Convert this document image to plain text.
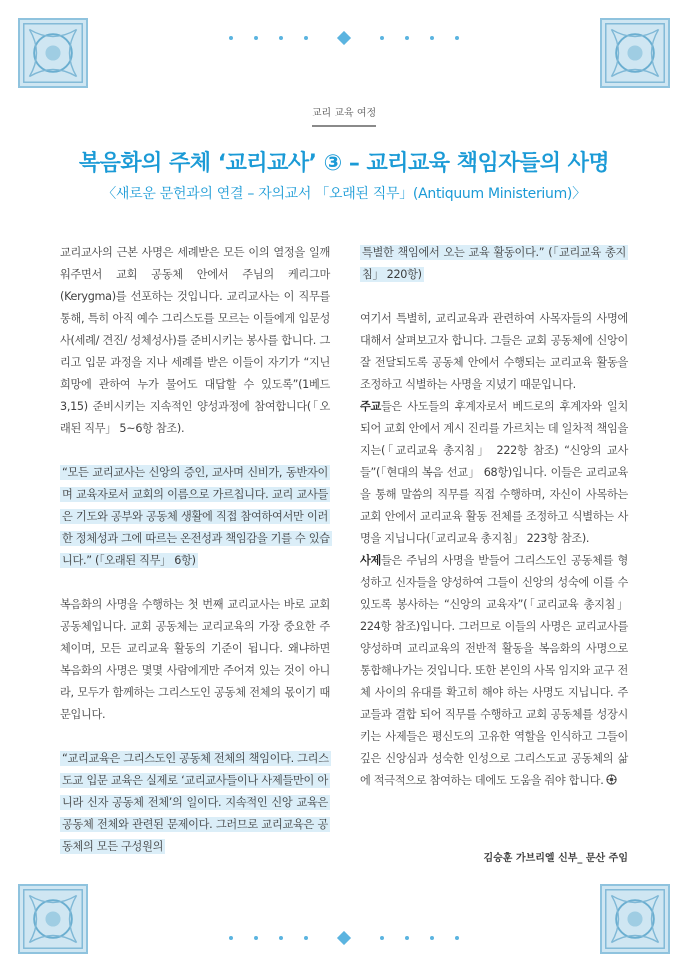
교리 교육 여정
복음화의 주체 ‘교리교사’ ③ – 교리교육 책임자들의 사명
〈새로운 문헌과의 연결 – 자의교서 「오래된 직무」(Antiquum Ministerium)〉

교리교사의 근본 사명은 세례받은 모든 이의 열정을 일깨워주면서 교회 공동체 안에서 주님의 케리그마(Kerygma)를 선포하는 것입니다. 교리교사는 이 직무를 통해, 특히 아직 예수 그리스도를 모르는 이들에게 입문성사(세례/ 견진/ 성체성사)를 준비시키는 봉사를 합니다. 그리고 입문 과정을 지나 세례를 받은 이들이 자기가 “지닌 희망에 관하여 누가 물어도 대답할 수 있도록”(1베드 3,15) 준비시키는 지속적인 양성과정에 참여합니다(「오래된 직무」 5~6항 참조).

“모든 교리교사는 신앙의 증인, 교사며 신비가, 동반자이며 교육자로서 교회의 이름으로 가르칩니다. 교리 교사들은 기도와 공부와 공동체 생활에 직접 참여하여서만 이러한 정체성과 그에 따르는 온전성과 책임감을 기를 수 있습니다.” (「오래된 직무」 6항)

복음화의 사명을 수행하는 첫 번째 교리교사는 바로 교회 공동체입니다. 교회 공동체는 교리교육의 가장 중요한 주체이며, 모든 교리교육 활동의 기준이 됩니다. 왜냐하면 복음화의 사명은 몇몇 사람에게만 주어져 있는 것이 아니라, 모두가 함께하는 그리스도인 공동체 전체의 몫이기 때문입니다.

“교리교육은 그리스도인 공동체 전체의 책임이다. 그리스도교 입문 교육은 실제로 ‘교리교사들이나 사제들만이 아니라 신자 공동체 전체’의 일이다. 지속적인 신앙 교육은 공동체 전체와 관련된 문제이다. 그러므로 교리교육은 공동체의 모든 구성원의

특별한 책임에서 오는 교육 활동이다.” (「교리교육 총지침」 220항)

여기서 특별히, 교리교육과 관련하여 사목자들의 사명에 대해서 살펴보고자 합니다. 그들은 교회 공동체에 신앙이 잘 전달되도록 공동체 안에서 수행되는 교리교육 활동을 조정하고 식별하는 사명을 지녔기 때문입니다.

주교들은 사도들의 후계자로서 베드로의 후계자와 일치되어 교회 안에서 계시 진리를 가르치는 데 일차적 책임을 지는(「교리교육 총지침」 222항 참조) “신앙의 교사들”(「현대의 복음 선교」 68항)입니다. 이들은 교리교육을 통해 말씀의 직무를 직접 수행하며, 자신이 사목하는 교회 안에서 교리교육 활동 전체를 조정하고 식별하는 사명을 지닙니다(「교리교육 총지침」 223항 참조).

사제들은 주님의 사명을 받들어 그리스도인 공동체를 형성하고 신자들을 양성하여 그들이 신앙의 성숙에 이를 수 있도록 봉사하는 “신앙의 교육자”(「교리교육 총지침」 224항 참조)입니다. 그러므로 이들의 사명은 교리교사를 양성하며 교리교육의 전반적 활동을 복음화의 사명으로 통합해나가는 것입니다. 또한 본인의 사목 임지와 교구 전체 사이의 유대를 확고히 해야 하는 사명도 지닙니다. 주교들과 결합 되어 직무를 수행하고 교회 공동체를 성장시키는 사제들은 평신도의 고유한 역할을 인식하고 그들이 깊은 신앙심과 성숙한 인성으로 그리스도교 공동체의 삶에 적극적으로 참여하는 데에도 도움을 줘야 합니다.

김승훈 가브리엘 신부_ 문산 주임
